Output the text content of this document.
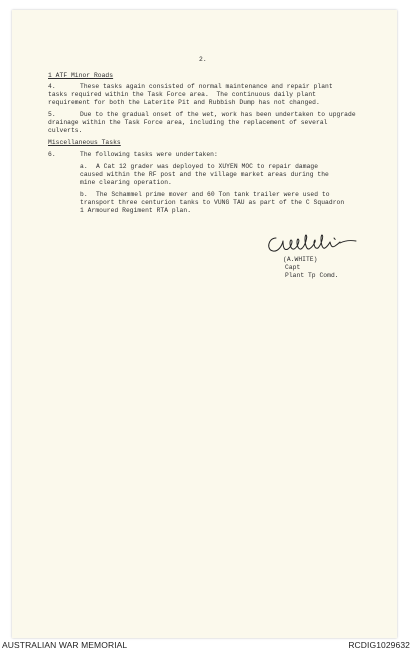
2.
1 ATF Minor Roads
4.	These tasks again consisted of normal maintenance and repair plant
tasks required within the Task Force area.  The continuous daily plant
requirement for both the Laterite Pit and Rubbish Dump has not changed.
5.	Due to the gradual onset of the wet, work has been undertaken to upgrade
drainage within the Task Force area, including the replacement of several
culverts.
Miscellaneous Tasks
6.	The following tasks were undertaken:
a. A Cat 12 grader was deployed to XUYEN MOC to repair damage
caused within the RF post and the village market areas during the
mine clearing operation.
b. The Schammel prime mover and 60 Ton tank trailer were used to
transport three centurion tanks to VUNG TAU as part of the C Squadron
1 Armoured Regiment RTA plan.
(A.WHITE)
Capt
Plant Tp Comd.
AUSTRALIAN WAR MEMORIAL	RCDIG1029632
